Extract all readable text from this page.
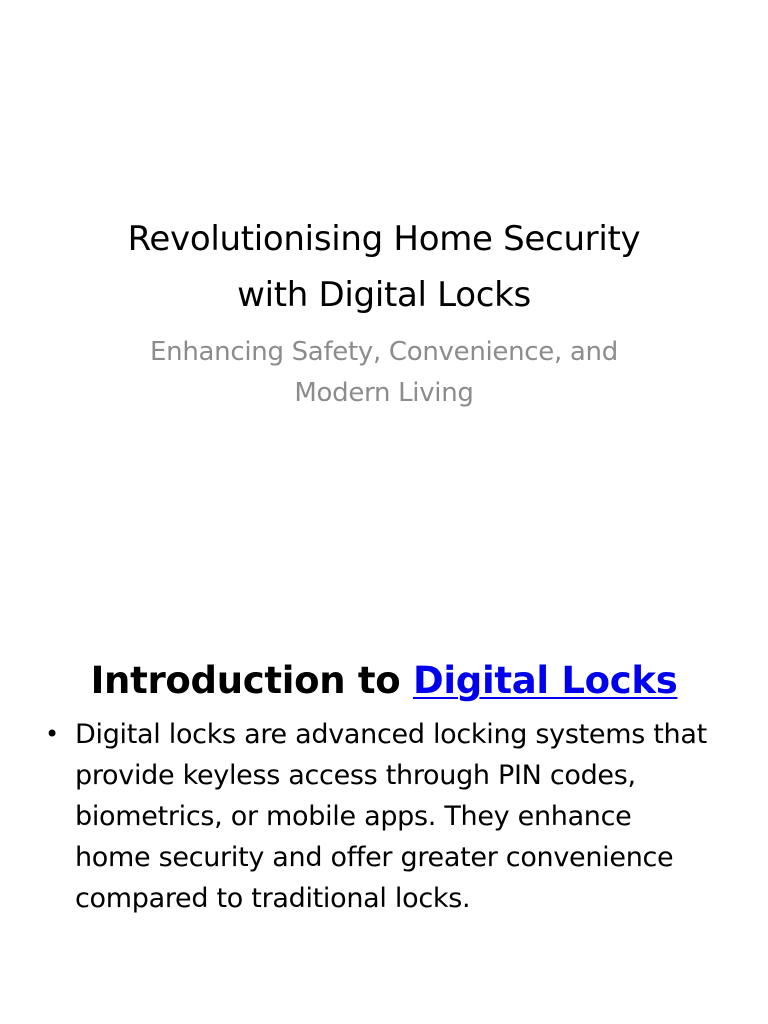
Revolutionising Home Security
with Digital Locks
Enhancing Safety, Convenience, and
Modern Living
Introduction to Digital Locks
• Digital locks are advanced locking systems that
provide keyless access through PIN codes,
biometrics, or mobile apps. They enhance
home security and offer greater convenience
compared to traditional locks.
